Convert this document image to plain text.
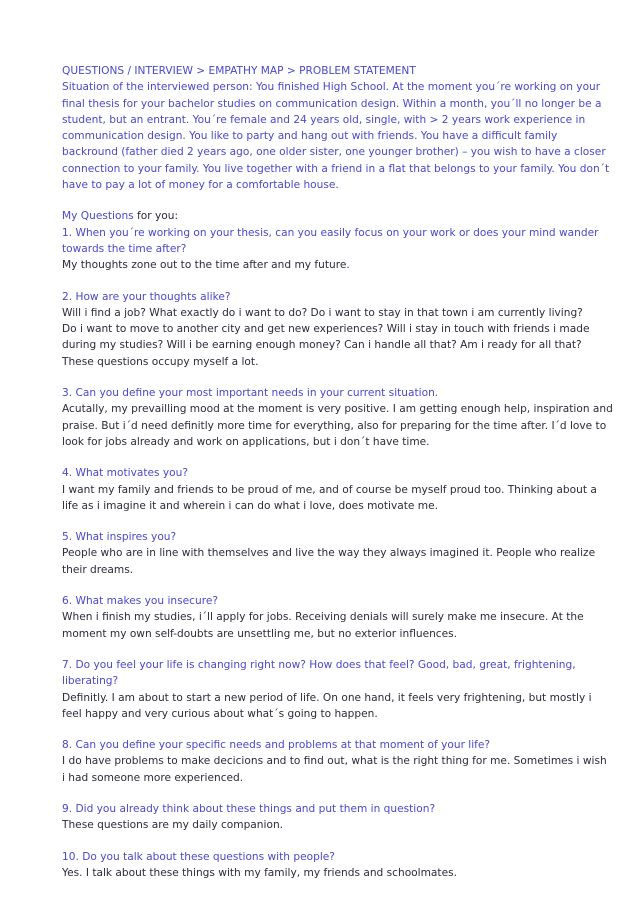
QUESTIONS / INTERVIEW > EMPATHY MAP > PROBLEM STATEMENT
Situation of the interviewed person: You finished High School. At the moment you´re working on your
final thesis for your bachelor studies on communication design. Within a month, you´ll no longer be a
student, but an entrant. You´re female and 24 years old, single, with > 2 years work experience in
communication design. You like to party and hang out with friends. You have a difficult family
backround (father died 2 years ago, one older sister, one younger brother) – you wish to have a closer
connection to your family. You live together with a friend in a flat that belongs to your family. You don´t
have to pay a lot of money for a comfortable house.
My Questions for you:
1. When you´re working on your thesis, can you easily focus on your work or does your mind wander
towards the time after?
My thoughts zone out to the time after and my future.
2. How are your thoughts alike?
Will i find a job? What exactly do i want to do? Do i want to stay in that town i am currently living?
Do i want to move to another city and get new experiences? Will i stay in touch with friends i made
during my studies? Will i be earning enough money? Can i handle all that? Am i ready for all that?
These questions occupy myself a lot.
3. Can you define your most important needs in your current situation.
Acutally, my prevailling mood at the moment is very positive. I am getting enough help, inspiration and
praise. But i´d need definitly more time for everything, also for preparing for the time after. I´d love to
look for jobs already and work on applications, but i don´t have time.
4. What motivates you?
I want my family and friends to be proud of me, and of course be myself proud too. Thinking about a
life as i imagine it and wherein i can do what i love, does motivate me.
5. What inspires you?
People who are in line with themselves and live the way they always imagined it. People who realize
their dreams.
6. What makes you insecure?
When i finish my studies, i´ll apply for jobs. Receiving denials will surely make me insecure. At the
moment my own self-doubts are unsettling me, but no exterior influences.
7. Do you feel your life is changing right now? How does that feel? Good, bad, great, frightening,
liberating?
Definitly. I am about to start a new period of life. On one hand, it feels very frightening, but mostly i
feel happy and very curious about what´s going to happen.
8. Can you define your specific needs and problems at that moment of your life?
I do have problems to make decicions and to find out, what is the right thing for me. Sometimes i wish
i had someone more experienced.
9. Did you already think about these things and put them in question?
These questions are my daily companion.
10. Do you talk about these questions with people?
Yes. I talk about these things with my family, my friends and schoolmates.
